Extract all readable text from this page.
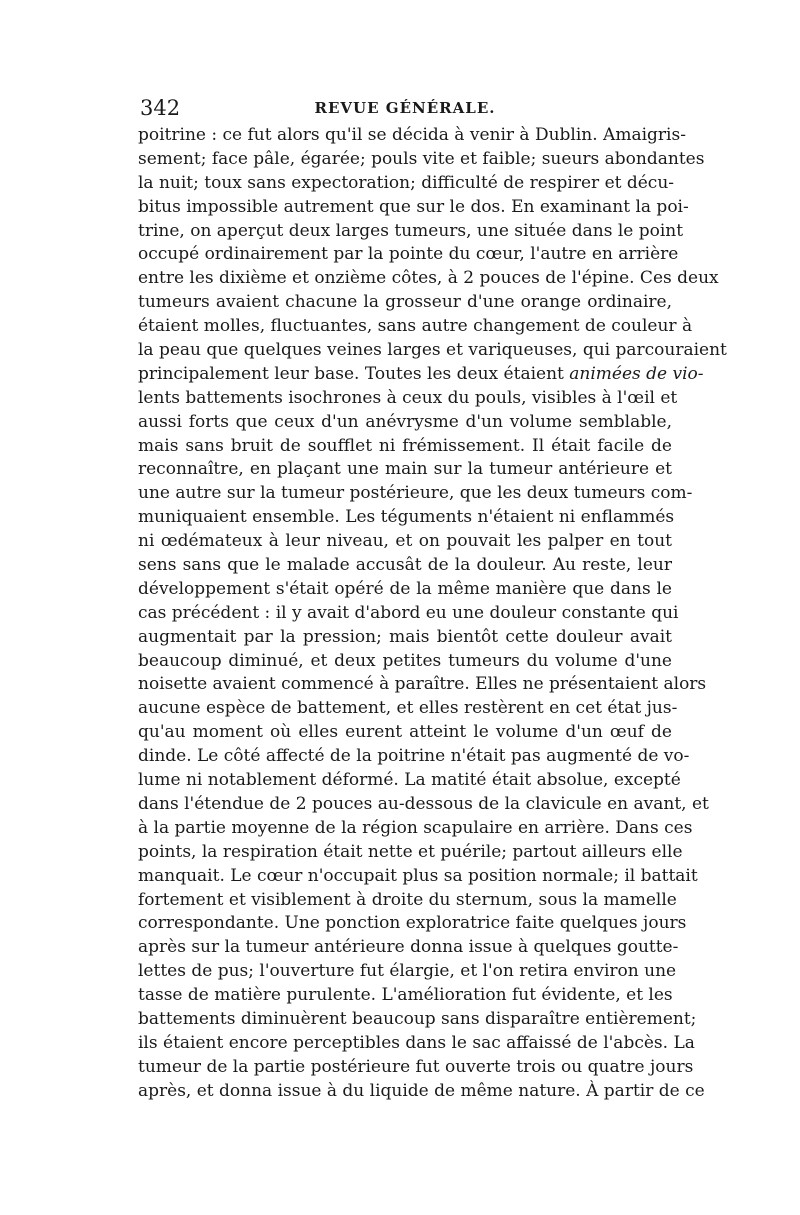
342	REVUE GÉNÉRALE.
poitrine : ce fut alors qu'il se décida à venir à Dublin. Amaigris-
sement; face pâle, égarée; pouls vite et faible; sueurs abondantes
la nuit; toux sans expectoration; difficulté de respirer et décu-
bitus impossible autrement que sur le dos. En examinant la poi-
trine, on aperçut deux larges tumeurs, une située dans le point
occupé ordinairement par la pointe du cœur, l'autre en arrière
entre les dixième et onzième côtes, à 2 pouces de l'épine. Ces deux
tumeurs avaient chacune la grosseur d'une orange ordinaire,
étaient molles, fluctuantes, sans autre changement de couleur à
la peau que quelques veines larges et variqueuses, qui parcouraient
principalement leur base. Toutes les deux étaient animées de vio-
lents battements isochrones à ceux du pouls, visibles à l'œil et
aussi forts que ceux d'un anévrysme d'un volume semblable,
mais sans bruit de soufflet ni frémissement. Il était facile de
reconnaître, en plaçant une main sur la tumeur antérieure et
une autre sur la tumeur postérieure, que les deux tumeurs com-
muniquaient ensemble. Les téguments n'étaient ni enflammés
ni œdémateux à leur niveau, et on pouvait les palper en tout
sens sans que le malade accusât de la douleur. Au reste, leur
développement s'était opéré de la même manière que dans le
cas précédent : il y avait d'abord eu une douleur constante qui
augmentait par la pression; mais bientôt cette douleur avait
beaucoup diminué, et deux petites tumeurs du volume d'une
noisette avaient commencé à paraître. Elles ne présentaient alors
aucune espèce de battement, et elles restèrent en cet état jus-
qu'au moment où elles eurent atteint le volume d'un œuf de
dinde. Le côté affecté de la poitrine n'était pas augmenté de vo-
lume ni notablement déformé. La matité était absolue, excepté
dans l'étendue de 2 pouces au-dessous de la clavicule en avant, et
à la partie moyenne de la région scapulaire en arrière. Dans ces
points, la respiration était nette et puérile; partout ailleurs elle
manquait. Le cœur n'occupait plus sa position normale; il battait
fortement et visiblement à droite du sternum, sous la mamelle
correspondante. Une ponction exploratrice faite quelques jours
après sur la tumeur antérieure donna issue à quelques goutte-
lettes de pus; l'ouverture fut élargie, et l'on retira environ une
tasse de matière purulente. L'amélioration fut évidente, et les
battements diminuèrent beaucoup sans disparaître entièrement;
ils étaient encore perceptibles dans le sac affaissé de l'abcès. La
tumeur de la partie postérieure fut ouverte trois ou quatre jours
après, et donna issue à du liquide de même nature. À partir de ce
